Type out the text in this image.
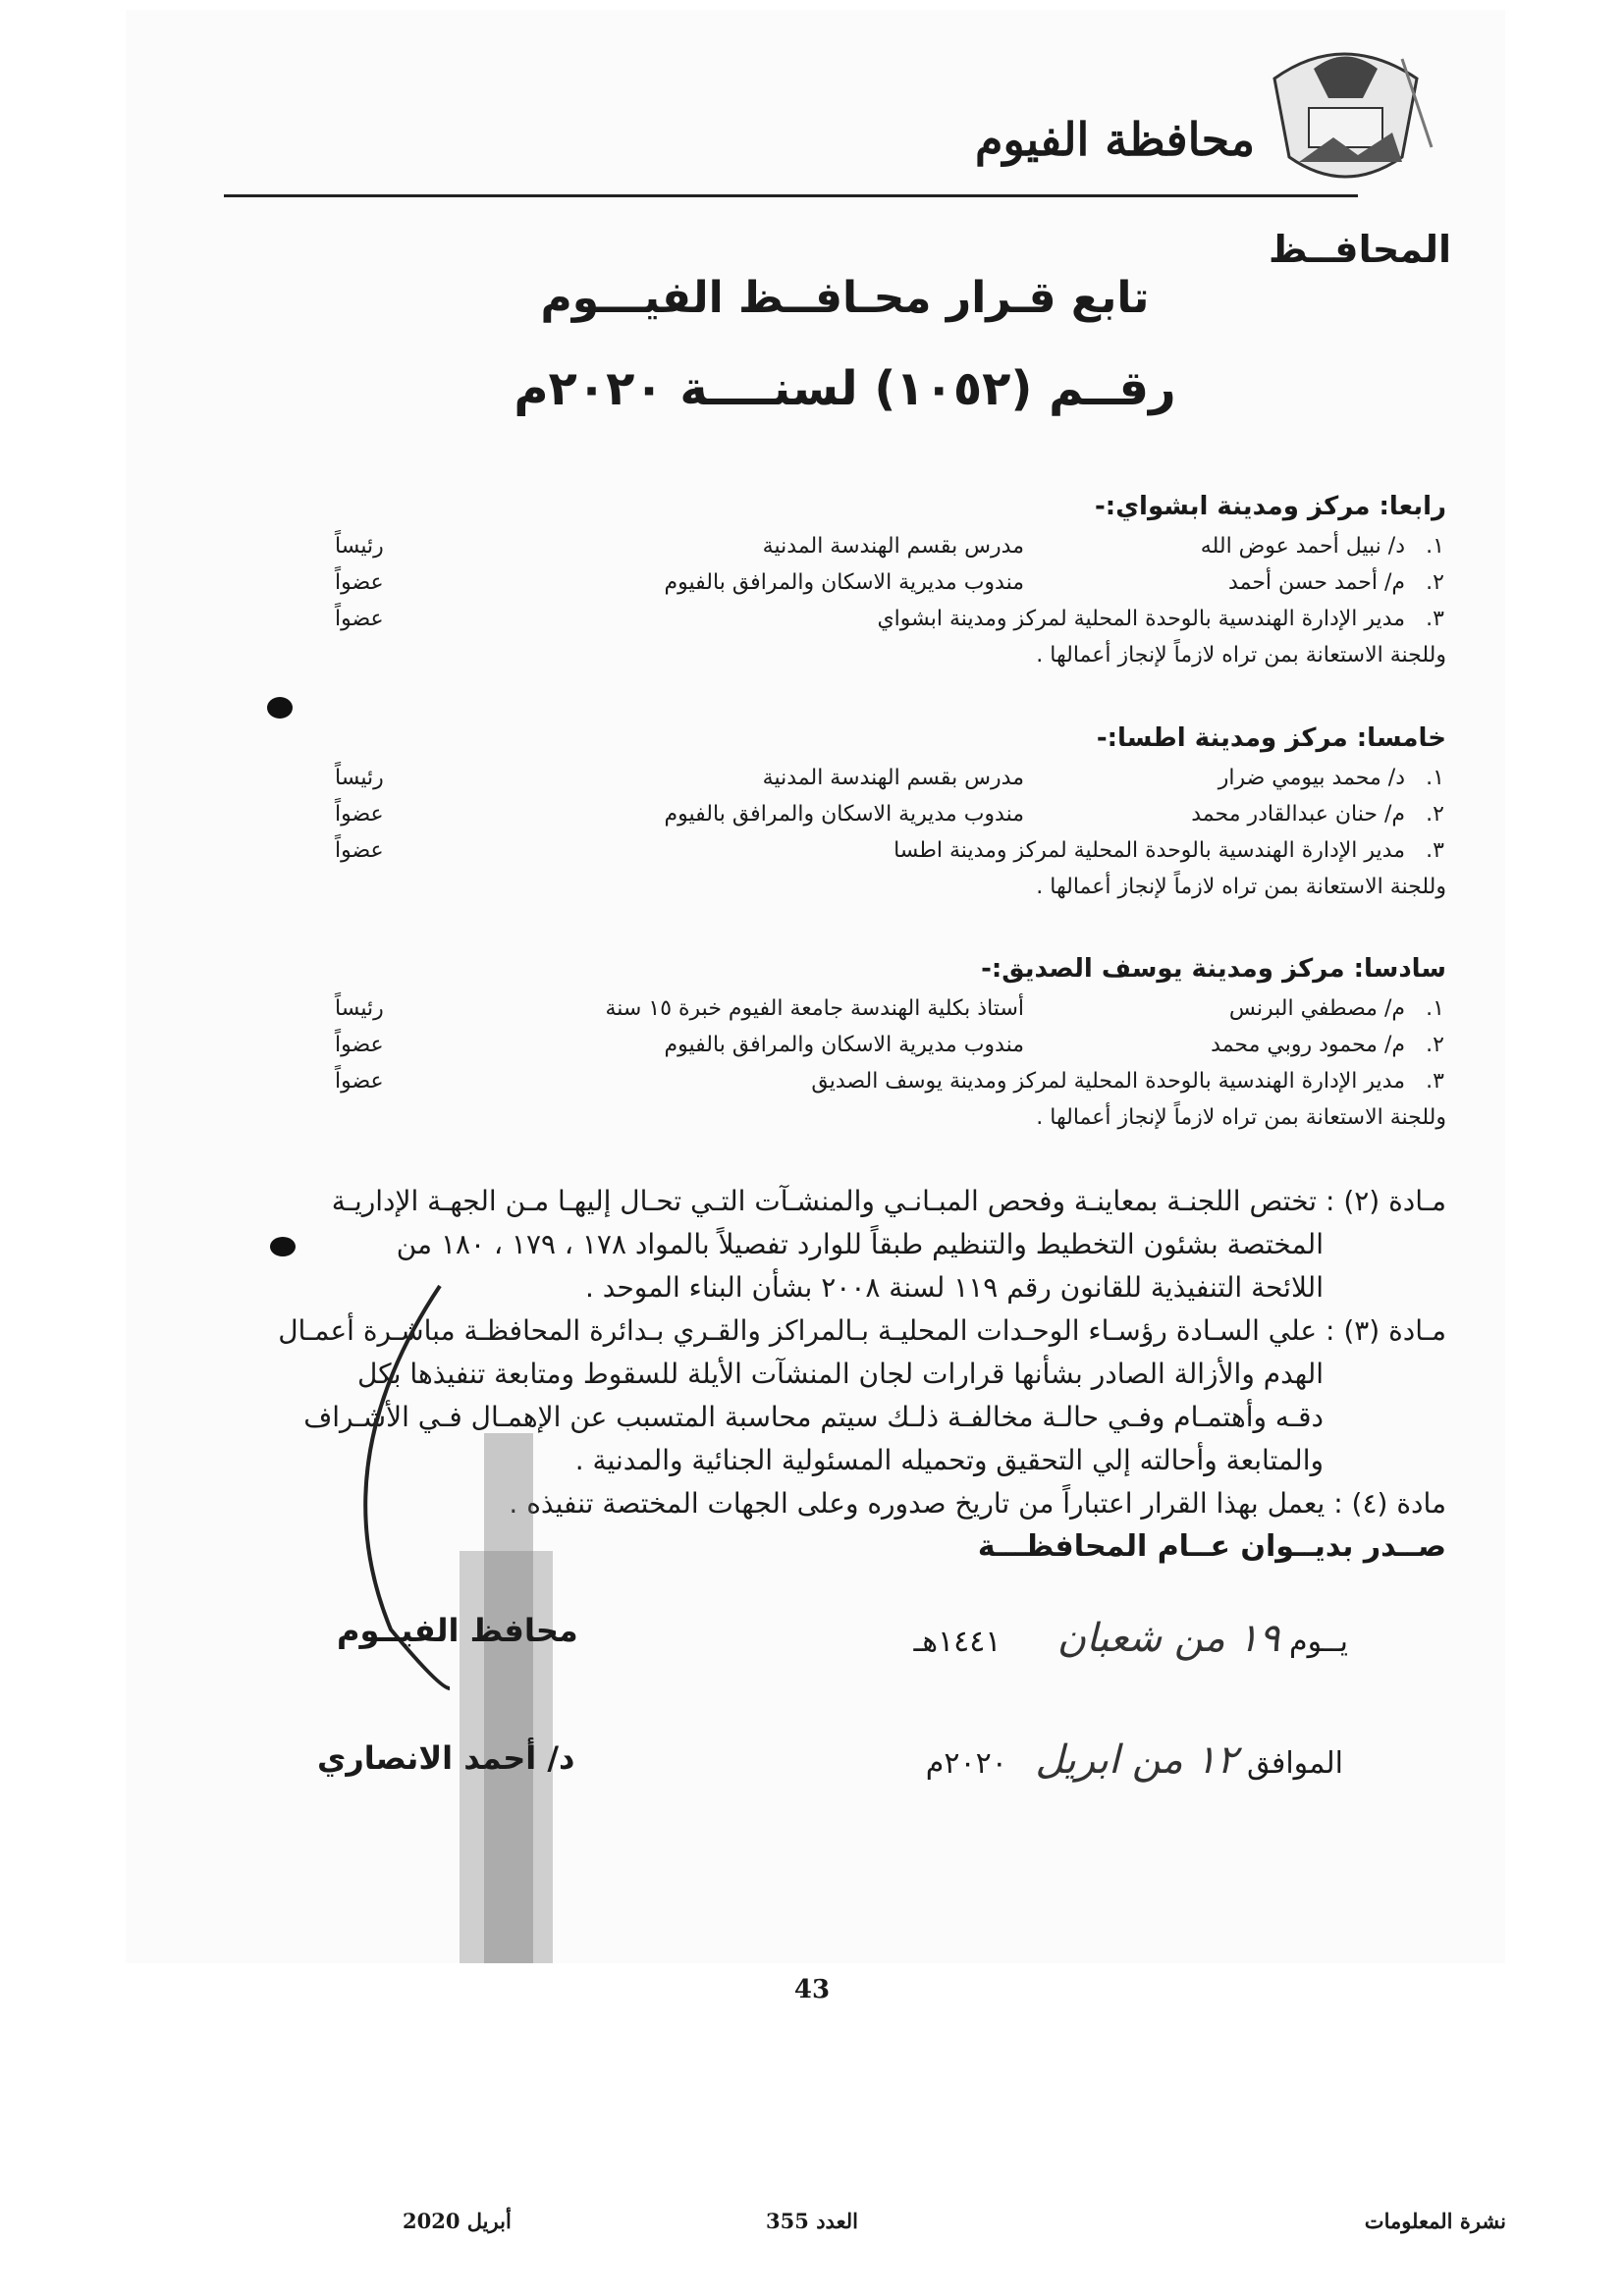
محافظة الفيوم
المحافــظ
تابع قـرار محـافــظ الفيـــوم
رقــم (١٠٥٢) لسنــــة ٢٠٢٠م
رابعا: مركز ومدينة ابشواي:-
١.
د/ نبيل أحمد عوض الله
مدرس بقسم الهندسة المدنية
رئيساً
٢.
م/ أحمد حسن أحمد
مندوب مديرية الاسكان والمرافق بالفيوم
عضواً
٣.
مدير الإدارة الهندسية بالوحدة المحلية لمركز ومدينة ابشواي
عضواً
وللجنة الاستعانة بمن تراه لازماً لإنجاز أعمالها .
خامسا: مركز ومدينة اطسا:-
١.
د/ محمد بيومي ضرار
مدرس بقسم الهندسة المدنية
رئيساً
٢.
م/ حنان عبدالقادر محمد
مندوب مديرية الاسكان والمرافق بالفيوم
عضواً
٣.
مدير الإدارة الهندسية بالوحدة المحلية لمركز ومدينة اطسا
عضواً
وللجنة الاستعانة بمن تراه لازماً لإنجاز أعمالها .
سادسا: مركز ومدينة يوسف الصديق:-
١.
م/ مصطفي البرنس
أستاذ بكلية الهندسة جامعة الفيوم خبرة ١٥ سنة
رئيساً
٢.
م/ محمود روبي محمد
مندوب مديرية الاسكان والمرافق بالفيوم
عضواً
٣.
مدير الإدارة الهندسية بالوحدة المحلية لمركز ومدينة يوسف الصديق
عضواً
وللجنة الاستعانة بمن تراه لازماً لإنجاز أعمالها .

مـادة (٢) : تختص اللجنـة بمعاينـة وفحص المبـانـي والمنشـآت التـي تحـال إليهـا مـن الجهـة الإداريـة

المختصة بشئون التخطيط والتنظيم طبقاً للوارد تفصيلاً بالمواد ١٧٨ ، ١٧٩ ، ١٨٠ من

اللائحة التنفيذية للقانون رقم ١١٩ لسنة ٢٠٠٨ بشأن البناء الموحد .

مـادة (٣) : علي السـادة رؤسـاء الوحـدات المحليـة بـالمراكز والقـري بـدائرة المحافظـة مباشـرة أعمـال

الهدم والأزالة الصادر بشأنها قرارات لجان المنشآت الأيلة للسقوط ومتابعة تنفيذها بكل

دقـه وأهتمـام وفـي حالـة مخالفـة ذلـك سيتم محاسبة المتسبب عن الإهمـال فـي الأشـراف

والمتابعة وأحالته إلي التحقيق وتحميله المسئولية الجنائية والمدنية .

مادة (٤) : يعمل بهذا القرار اعتباراً من تاريخ صدوره وعلى الجهات المختصة تنفيذه .

صــدر بديــوان عــام المحافظـــة
يــوم ١٩ من شعبان      ١٤٤١هـ
الموافق ١٢ من ابريل   ٢٠٢٠م
محافظ الفيــوم
د/ أحمد الانصاري
43
نشرة المعلومات
العدد 355
أبريل 2020
